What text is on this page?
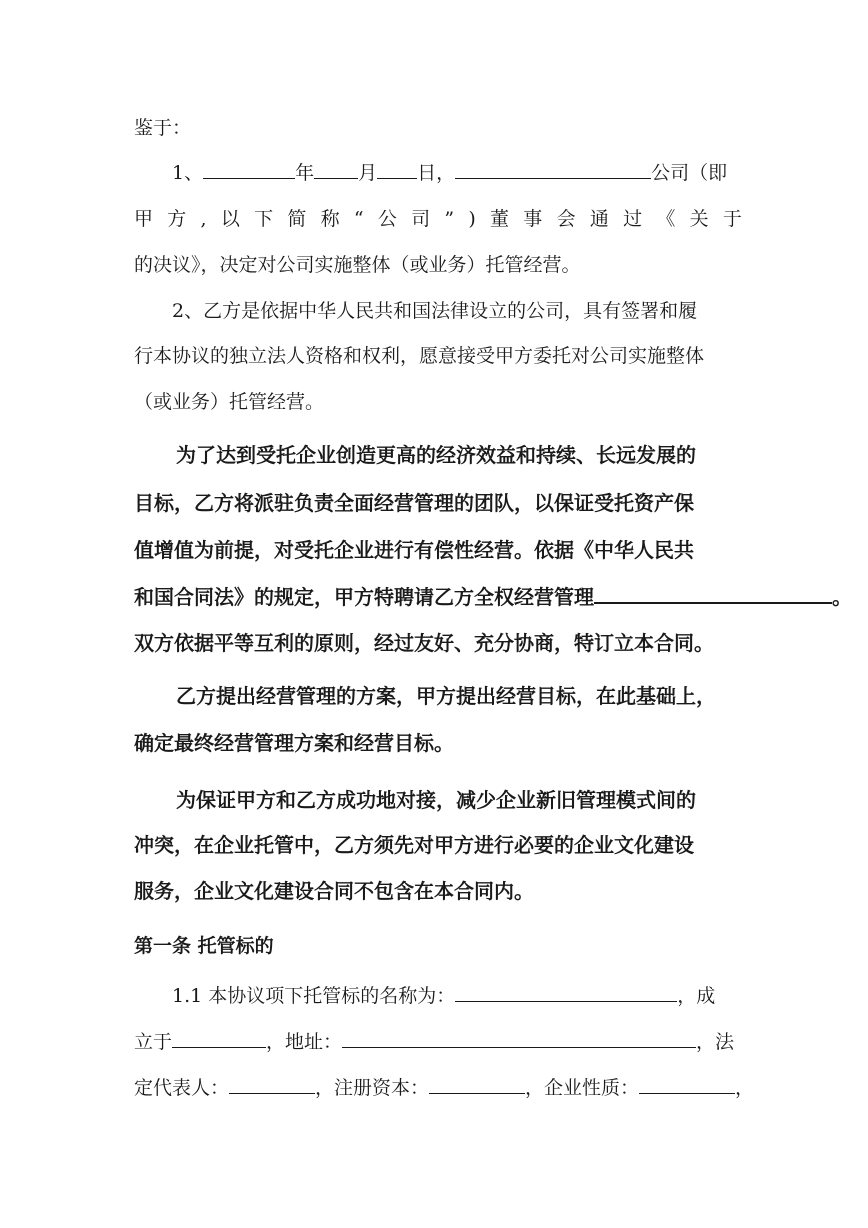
鉴于：
1、	年 月 日，	公司（即
甲 方 , 以 下 简 称 “ 公 司 ” ) 董 事 会 通 过 《 关 于
的决议》，决定对公司实施整体（或业务）托管经营。
2、乙方是依据中华人民共和国法律设立的公司，具有签署和履
行本协议的独立法人资格和权利，愿意接受甲方委托对公司实施整体
（或业务）托管经营。
为了达到受托企业创造更高的经济效益和持续、长远发展的
目标，乙方将派驻负责全面经营管理的团队，以保证受托资产保
值增值为前提，对受托企业进行有偿性经营。依据《中华人民共
和国合同法》的规定，甲方特聘请乙方全权经营管理	。
双方依据平等互利的原则，经过友好、充分协商，特订立本合同。
乙方提出经营管理的方案，甲方提出经营目标，在此基础上，
确定最终经营管理方案和经营目标。
为保证甲方和乙方成功地对接，减少企业新旧管理模式间的
冲突，在企业托管中，乙方须先对甲方进行必要的企业文化建设
服务，企业文化建设合同不包含在本合同内。
第一条 托管标的
1.1 本协议项下托管标的名称为：	，成
立于	，地址：	，法
定代表人：	，注册资本：	，企业性质：	，
